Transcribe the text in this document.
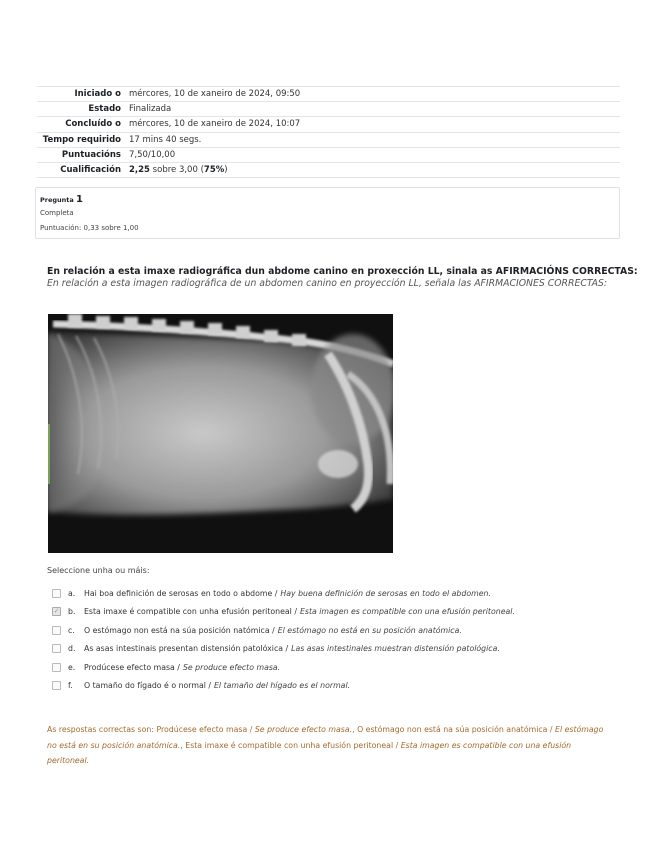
Iniciado o	mércores, 10 de xaneiro de 2024, 09:50
Estado	Finalizada
Concluído o	mércores, 10 de xaneiro de 2024, 10:07
Tempo requirido	17 mins 40 segs.
Puntuacións	7,50/10,00
Cualificación	2,25 sobre 3,00 (75%)
Pregunta 1
Completa
Puntuación: 0,33 sobre 1,00
En relación a esta imaxe radiográfica dun abdome canino en proxección LL, sinala as AFIRMACIÓNS CORRECTAS:
En relación a esta imagen radiográfica de un abdomen canino en proyección LL, señala las AFIRMACIONES CORRECTAS:
Seleccione unha ou máis:
a.	Hai boa definición de serosas en todo o abdome / Hay buena definición de serosas en todo el abdomen.
✓ b.	Esta imaxe é compatible con unha efusión peritoneal / Esta imagen es compatible con una efusión peritoneal.
c.	O estómago non está na súa posición natómica / El estómago no está en su posición anatómica.
d.	As asas intestinais presentan distensión patolóxica / Las asas intestinales muestran distensión patológica.
e.	Prodúcese efecto masa / Se produce efecto masa.
f.	O tamaño do fígado é o normal / El tamaño del hígado es el normal.
As respostas correctas son: Prodúcese efecto masa / Se produce efecto masa., O estómago non está na súa posición anatómica / El estómago no está en su posición anatómica., Esta imaxe é compatible con unha efusión peritoneal / Esta imagen es compatible con una efusión peritoneal.
